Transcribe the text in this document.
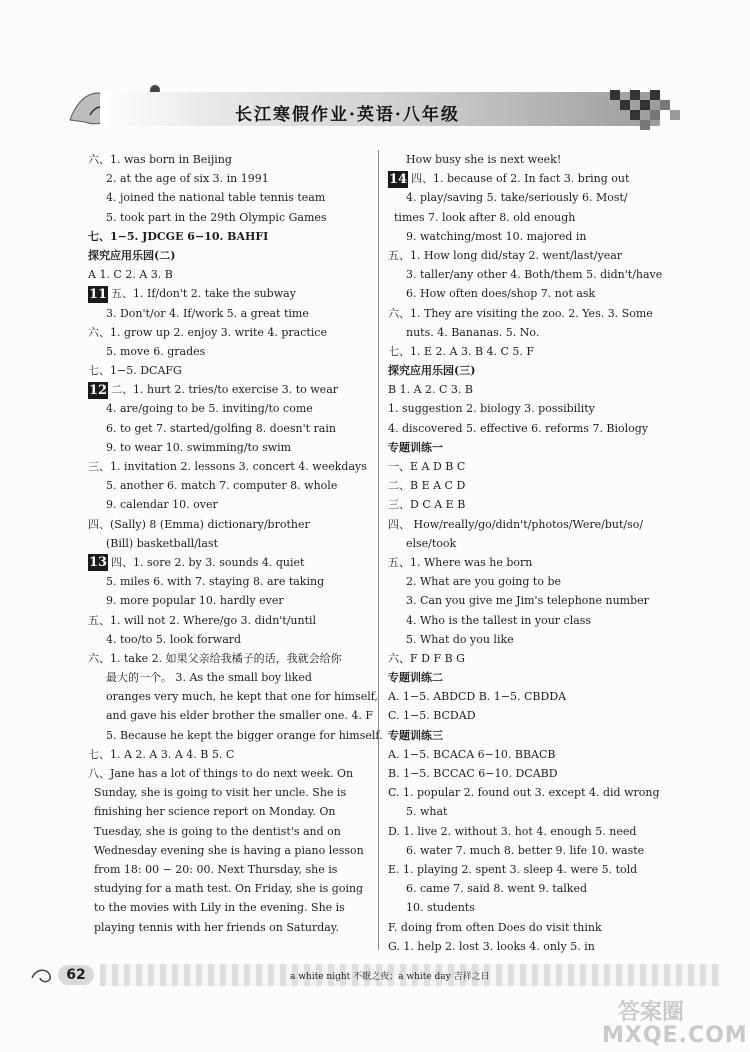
长江寒假作业·英语·八年级
六、1. was born in Beijing
2. at the age of six 3. in 1991
4. joined the national table tennis team
5. took part in the 29th Olympic Games
七、1−5. JDCGE 6−10. BAHFI
探究应用乐园(二)
A 1. C 2. A 3. B
11 五、1. If/don't 2. take the subway
3. Don't/or 4. If/work 5. a great time
六、1. grow up 2. enjoy 3. write 4. practice
5. move 6. grades
七、1−5. DCAFG
12 二、1. hurt 2. tries/to exercise 3. to wear
4. are/going to be 5. inviting/to come
6. to get 7. started/golfing 8. doesn't rain
9. to wear 10. swimming/to swim
三、1. invitation 2. lessons 3. concert 4. weekdays
5. another 6. match 7. computer 8. whole
9. calendar 10. over
四、(Sally) 8 (Emma) dictionary/brother
(Bill) basketball/last
13 四、1. sore 2. by 3. sounds 4. quiet
5. miles 6. with 7. staying 8. are taking
9. more popular 10. hardly ever
五、1. will not 2. Where/go 3. didn't/until
4. too/to 5. look forward
六、1. take 2. 如果父亲给我橘子的话，我就会给你
最大的一个。 3. As the small boy liked
oranges very much, he kept that one for himself,
and gave his elder brother the smaller one. 4. F
5. Because he kept the bigger orange for himself.
七、1. A 2. A 3. A 4. B 5. C
八、Jane has a lot of things to do next week. On
Sunday, she is going to visit her uncle. She is
finishing her science report on Monday. On
Tuesday, she is going to the dentist's and on
Wednesday evening she is having a piano lesson
from 18: 00 − 20: 00. Next Thursday, she is
studying for a math test. On Friday, she is going
to the movies with Lily in the evening. She is
playing tennis with her friends on Saturday.
How busy she is next week!
14 四、1. because of 2. In fact 3. bring out
4. play/saving 5. take/seriously 6. Most/
times 7. look after 8. old enough
9. watching/most 10. majored in
五、1. How long did/stay 2. went/last/year
3. taller/any other 4. Both/them 5. didn't/have
6. How often does/shop 7. not ask
六、1. They are visiting the zoo. 2. Yes. 3. Some
nuts. 4. Bananas. 5. No.
七、1. E 2. A 3. B 4. C 5. F
探究应用乐园(三)
B 1. A 2. C 3. B
1. suggestion 2. biology 3. possibility
4. discovered 5. effective 6. reforms 7. Biology
专题训练一
一、E A D B C
二、B E A C D
三、D C A E B
四、 How/really/go/didn't/photos/Were/but/so/
else/took
五、1. Where was he born
2. What are you going to be
3. Can you give me Jim's telephone number
4. Who is the tallest in your class
5. What do you like
六、F D F B G
专题训练二
A. 1−5. ABDCD B. 1−5. CBDDA
C. 1−5. BCDAD
专题训练三
A. 1−5. BCACA 6−10. BBACB
B. 1−5. BCCAC 6−10. DCABD
C. 1. popular 2. found out 3. except 4. did wrong
5. what
D. 1. live 2. without 3. hot 4. enough 5. need
6. water 7. much 8. better 9. life 10. waste
E. 1. playing 2. spent 3. sleep 4. were 5. told
6. came 7. said 8. went 9. talked
10. students
F. doing from often Does do visit think
G. 1. help 2. lost 3. looks 4. only 5. in
62	a white night 不眠之夜；a white day 吉祥之日
答案圈
MXQE.COM
